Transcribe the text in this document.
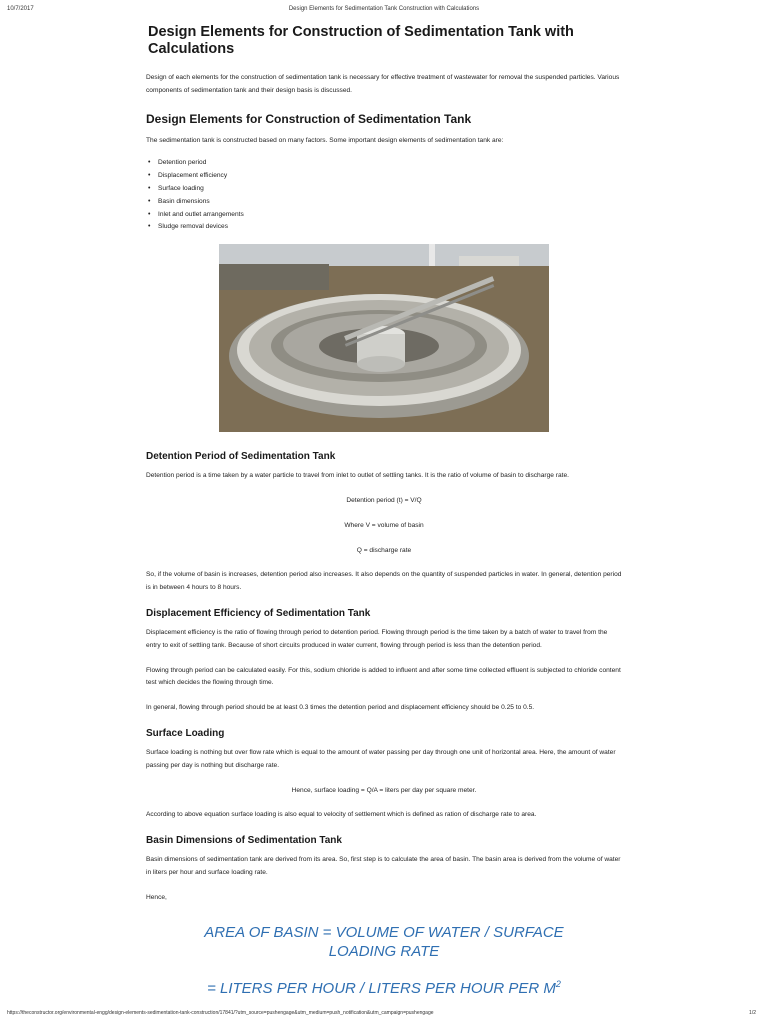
10/7/2017	Design Elements for Sedimentation Tank Construction with Calculations
Design Elements for Construction of Sedimentation Tank with Calculations

Design of each elements for the construction of sedimentation tank is necessary for effective treatment of wastewater for removal the suspended particles. Various components of sedimentation tank and their design basis is discussed.

Design Elements for Construction of Sedimentation Tank

The sedimentation tank is constructed based on many factors. Some important design elements of sedimentation tank are:

• Detention period
• Displacement efficiency
• Surface loading
• Basin dimensions
• Inlet and outlet arrangements
• Sludge removal devices
Detention Period of Sedimentation Tank

Detention period is a time taken by a water particle to travel from inlet to outlet of settling tanks. It is the ratio of volume of basin to discharge rate.

Detention period (t) = V/Q

Where V = volume of basin

Q = discharge rate

So, if the volume of basin is increases, detention period also increases. It also depends on the quantity of suspended particles in water. In general, detention period is in between 4 hours to 8 hours.

Displacement Efficiency of Sedimentation Tank

Displacement efficiency is the ratio of flowing through period to detention period. Flowing through period is the time taken by a batch of water to travel from the entry to exit of settling tank. Because of short circuits produced in water current, flowing through period is less than the detention period.

Flowing through period can be calculated easily. For this, sodium chloride is added to influent and after some time collected effluent is subjected to chloride content test which decides the flowing through time.

In general, flowing through period should be at least 0.3 times the detention period and displacement efficiency should be 0.25 to 0.5.

Surface Loading

Surface loading is nothing but over flow rate which is equal to the amount of water passing per day through one unit of horizontal area. Here, the amount of water passing per day is nothing but discharge rate.

Hence, surface loading = Q/A = liters per day per square meter.

According to above equation surface loading is also equal to velocity of settlement which is defined as ration of discharge rate to area.

Basin Dimensions of Sedimentation Tank

Basin dimensions of sedimentation tank are derived from its area. So, first step is to calculate the area of basin. The basin area is derived from the volume of water in liters per hour and surface loading rate.

Hence,

AREA OF BASIN = VOLUME OF WATER / SURFACE LOADING RATE
= LITERS PER HOUR / LITERS PER HOUR PER $M^2$
https://theconstructor.org/environmental-engg/design-elements-sedimentation-tank-construction/17841/?utm_source=pushengage&utm_medium=push_notification&utm_campaign=pushengage	1/2
